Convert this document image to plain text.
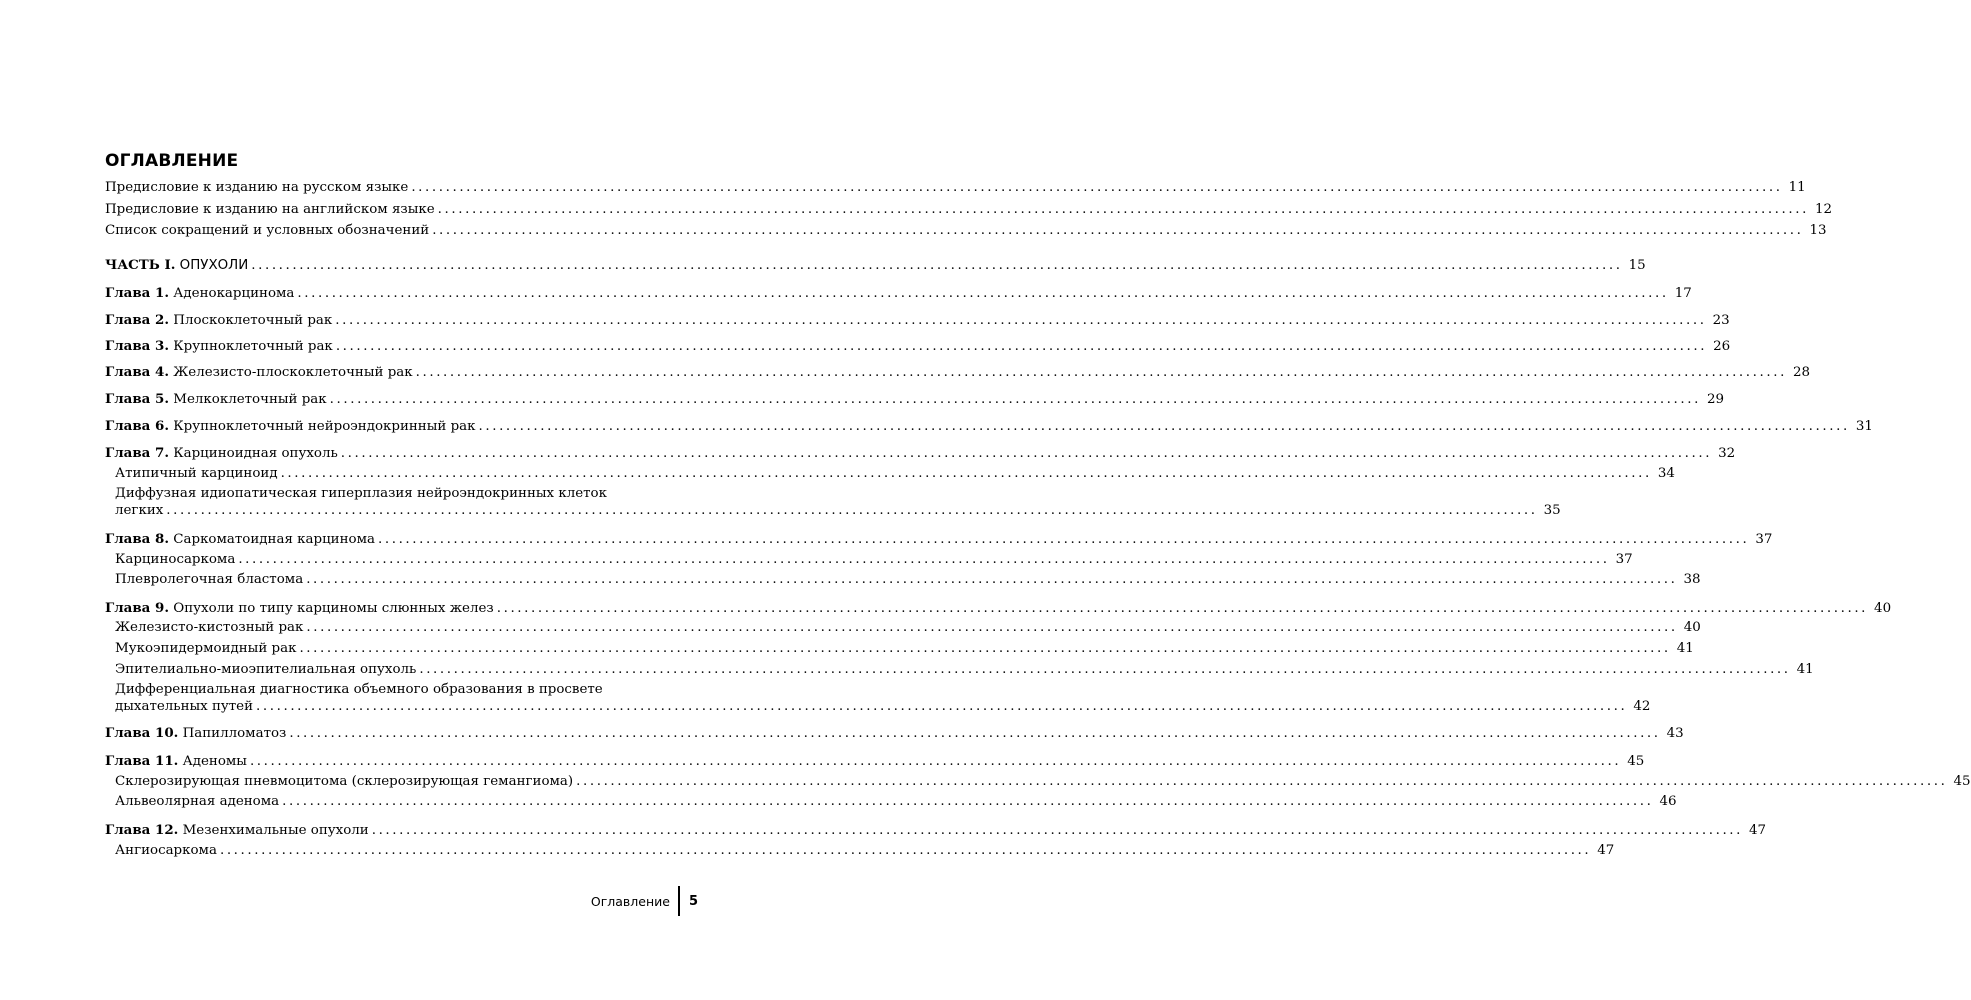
ОГЛАВЛЕНИЕ
Предисловие к изданию на русском языке ........................................................................................................................................................................................................ 11
Предисловие к изданию на английском языке ........................................................................................................................................................................................................ 12
Список сокращений и условных обозначений ........................................................................................................................................................................................................ 13
ЧАСТЬ I. ОПУХОЛИ ........................................................................................................................................................................................................ 15
Глава 1. Аденокарцинома ........................................................................................................................................................................................................ 17
Глава 2. Плоскоклеточный рак ........................................................................................................................................................................................................ 23
Глава 3. Крупноклеточный рак ........................................................................................................................................................................................................ 26
Глава 4. Железисто-плоскоклеточный рак ........................................................................................................................................................................................................ 28
Глава 5. Мелкоклеточный рак ........................................................................................................................................................................................................ 29
Глава 6. Крупноклеточный нейроэндокринный рак ........................................................................................................................................................................................................ 31
Глава 7. Карциноидная опухоль ........................................................................................................................................................................................................ 32
Атипичный карциноид ........................................................................................................................................................................................................ 34
Диффузная идиопатическая гиперплазия нейроэндокринных клеток
легких ........................................................................................................................................................................................................ 35
Глава 8. Саркоматоидная карцинома ........................................................................................................................................................................................................ 37
Карциносаркома ........................................................................................................................................................................................................ 37
Плевролегочная бластома ........................................................................................................................................................................................................ 38
Глава 9. Опухоли по типу карциномы слюнных желез ........................................................................................................................................................................................................ 40
Железисто-кистозный рак ........................................................................................................................................................................................................ 40
Мукоэпидермоидный рак ........................................................................................................................................................................................................ 41
Эпителиально-миоэпителиальная опухоль ........................................................................................................................................................................................................ 41
Дифференциальная диагностика объемного образования в просвете
дыхательных путей ........................................................................................................................................................................................................ 42
Глава 10. Папилломатоз ........................................................................................................................................................................................................ 43
Глава 11. Аденомы ........................................................................................................................................................................................................ 45
Склерозирующая пневмоцитома (склерозирующая гемангиома) ........................................................................................................................................................................................................ 45
Альвеолярная аденома ........................................................................................................................................................................................................ 46
Глава 12. Мезенхимальные опухоли ........................................................................................................................................................................................................ 47
Ангиосаркома ........................................................................................................................................................................................................ 47
Оглавление	5
